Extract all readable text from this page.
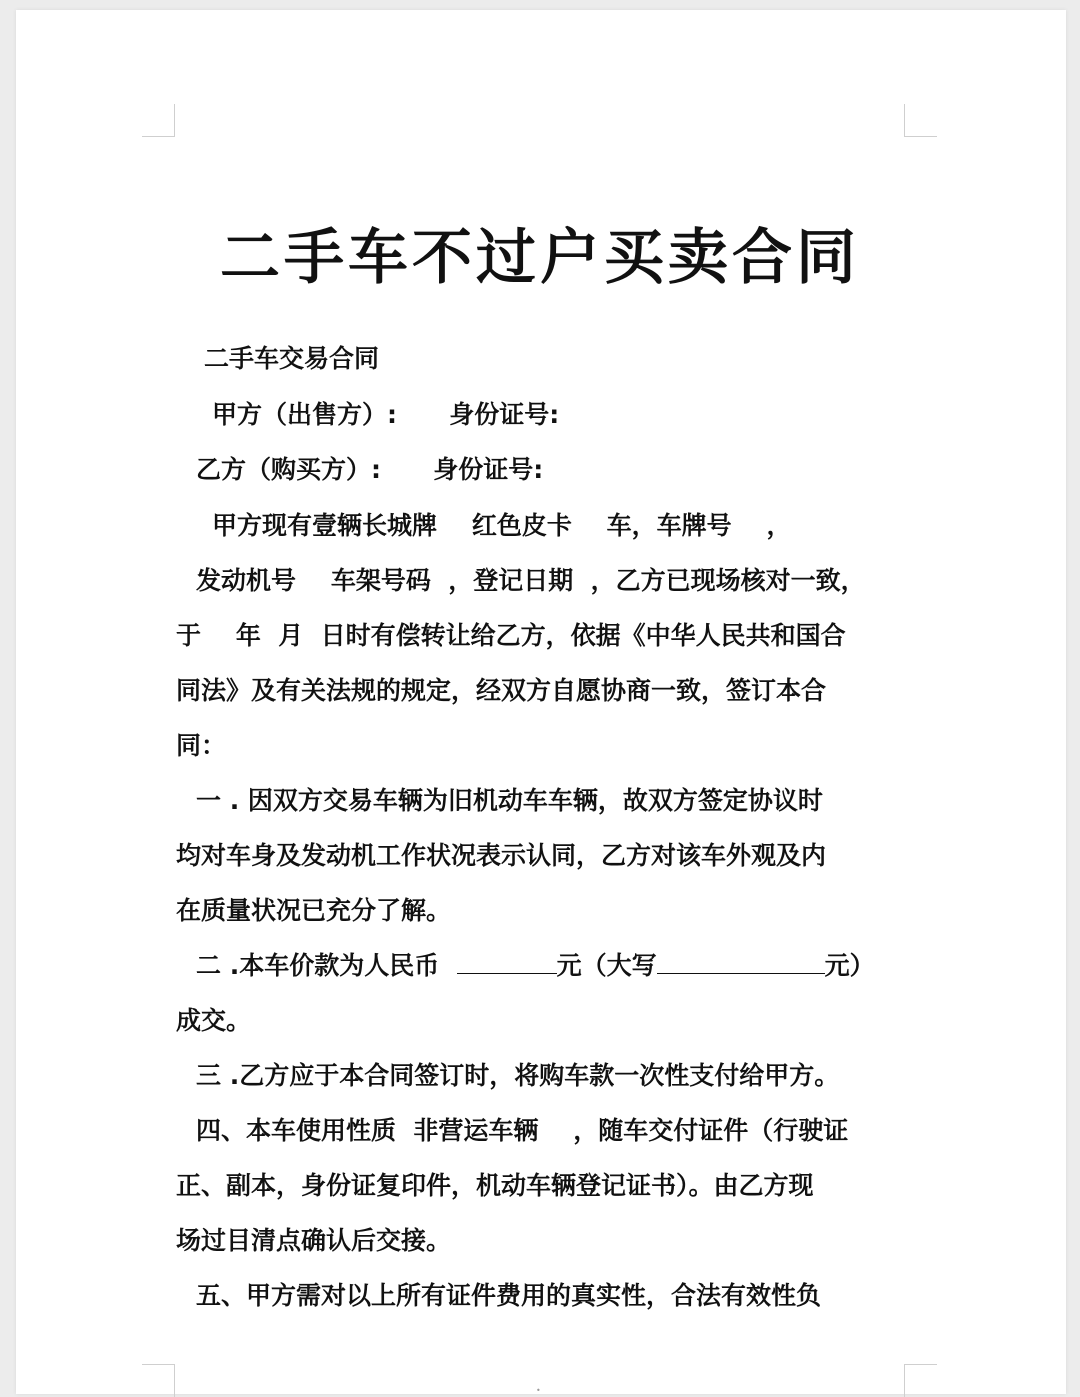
•
二手车不过户买卖合同
二手车交易合同
甲方（出售方）:      身份证号:
乙方（购买方）:      身份证号:
甲方现有壹辆长城牌    红色皮卡    车，车牌号    ，
发动机号    车架号码  ，登记日期  ，乙方已现场核对一致，
于    年  月  日时有偿转让给乙方，依据《中华人民共和国合
同法》及有关法规的规定，经双方自愿协商一致，签订本合
同：
一 . 因双方交易车辆为旧机动车车辆，故双方签定协议时
均对车身及发动机工作状况表示认同，乙方对该车外观及内
在质量状况已充分了解。
二 .本车价款为人民币	元（大写	元）
成交。
三 .乙方应于本合同签订时，将购车款一次性支付给甲方。
四、本车使用性质  非营运车辆    ，随车交付证件（行驶证
正、副本，身份证复印件，机动车辆登记证书）。由乙方现
场过目清点确认后交接。
五、甲方需对以上所有证件费用的真实性，合法有效性负
